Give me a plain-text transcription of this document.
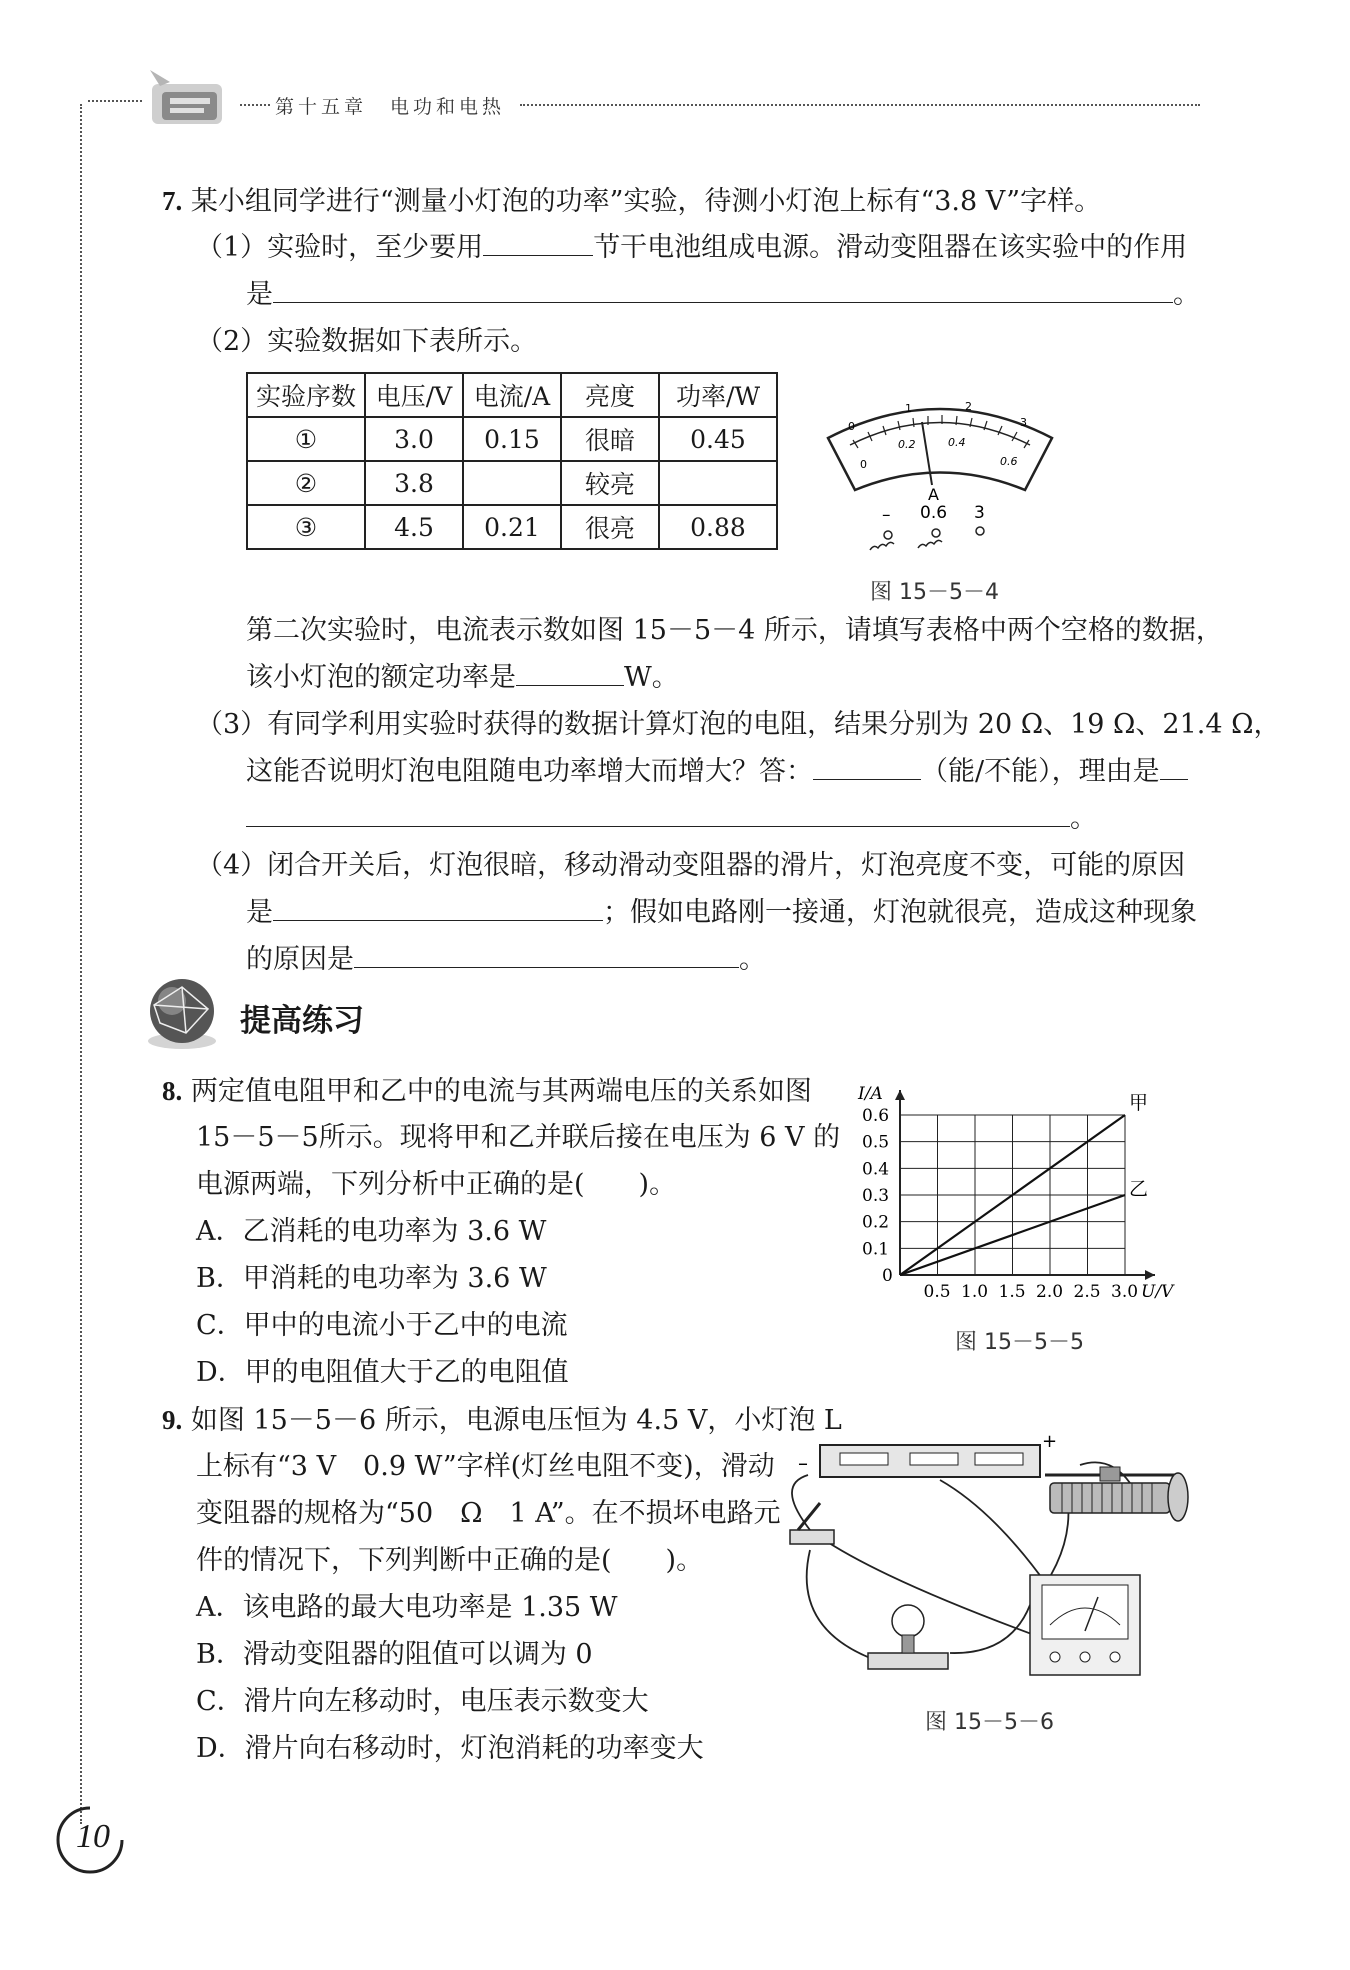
第十五章　电功和电热
7. 某小组同学进行“测量小灯泡的功率”实验，待测小灯泡上标有“3.8 V”字样。
（1）实验时，至少要用	节干电池组成电源。滑动变阻器在该实验中的作用
是	。
（2）实验数据如下表所示。
实验序数	电压/V	电流/A	亮度	功率/W
①	3.0	0.15	很暗	0.45
②	3.8		较亮	
③	4.5	0.21	很亮	0.88
0
1	2
3
0
0.2	0.4
0.6
A
– 0.6 3
图 15－5－4
第二次实验时，电流表示数如图 15－5－4 所示，请填写表格中两个空格的数据，
该小灯泡的额定功率是	W。
（3）有同学利用实验时获得的数据计算灯泡的电阻，结果分别为 20 Ω、19 Ω、21.4 Ω，
这能否说明灯泡电阻随电功率增大而增大？答：	（能/不能），理由是
。
（4）闭合开关后，灯泡很暗，移动滑动变阻器的滑片，灯泡亮度不变，可能的原因
是	；假如电路刚一接通，灯泡就很亮，造成这种现象
的原因是	。
提高练习
8. 两定值电阻甲和乙中的电流与其两端电压的关系如图
15－5－5所示。现将甲和乙并联后接在电压为 6 V 的
电源两端，下列分析中正确的是(　　)。
A．乙消耗的电功率为 3.6 W
B．甲消耗的电功率为 3.6 W
C．甲中的电流小于乙中的电流
D．甲的电阻值大于乙的电阻值
0.5 1.0 1.5 2.0 2.5 3.0
0.1
0.2
0.3
0.4
0.5
0.6
0
U/V
I/A	甲
乙
图 15－5－5
9. 如图 15－5－6 所示，电源电压恒为 4.5 V，小灯泡 L
上标有“3 V　0.9 W”字样(灯丝电阻不变)，滑动
变阻器的规格为“50　Ω　1 A”。在不损坏电路元
件的情况下，下列判断中正确的是(　　)。
A．该电路的最大电功率是 1.35 W
B．滑动变阻器的阻值可以调为 0
C．滑片向左移动时，电压表示数变大
D．滑片向右移动时，灯泡消耗的功率变大
–
+
图 15－5－6
10
